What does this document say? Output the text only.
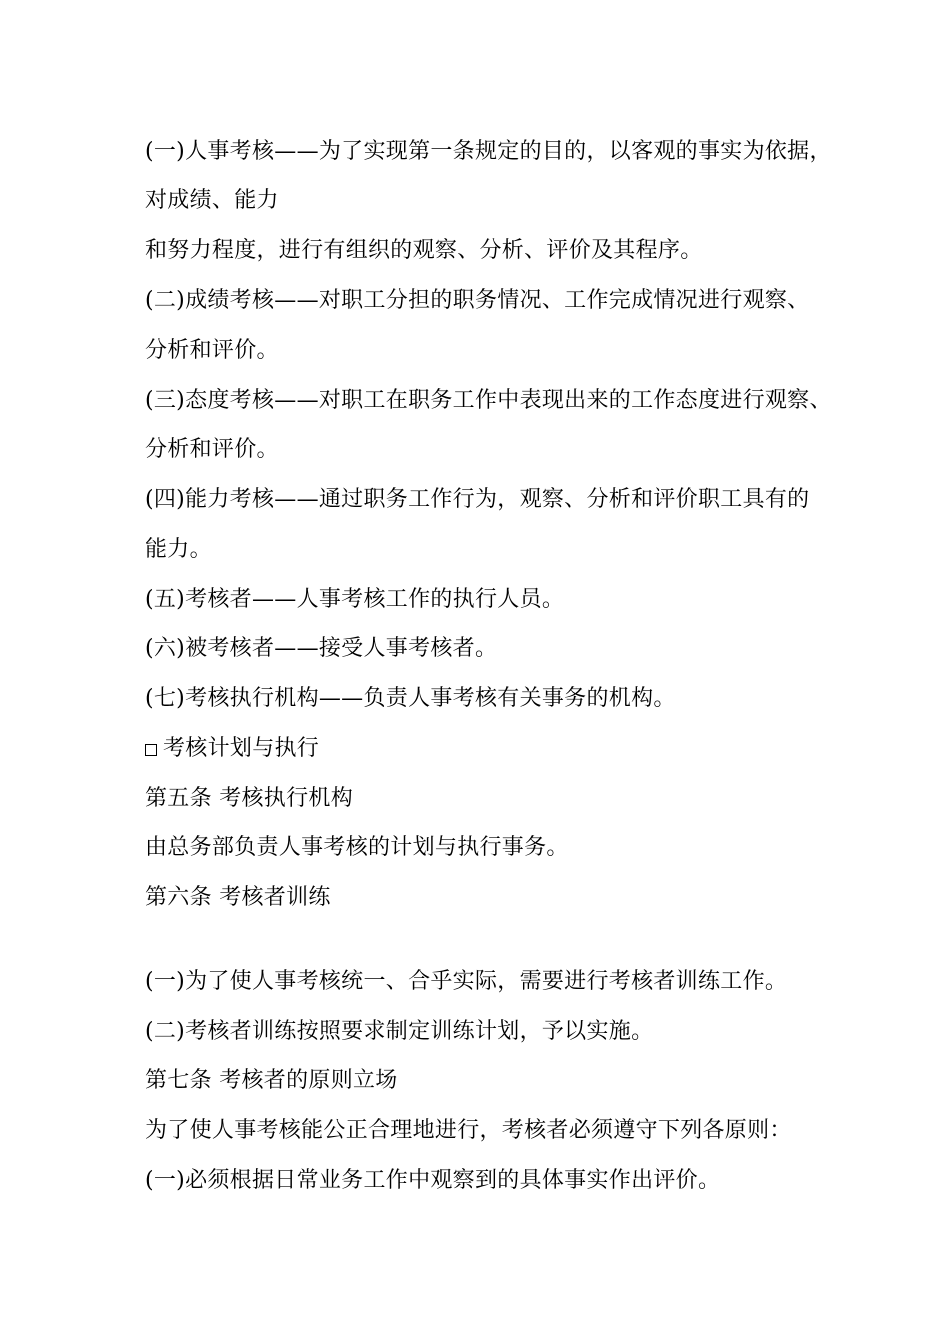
(一)人事考核——为了实现第一条规定的目的，以客观的事实为依据，
对成绩、能力
和努力程度，进行有组织的观察、分析、评价及其程序。
(二)成绩考核——对职工分担的职务情况、工作完成情况进行观察、
分析和评价。
(三)态度考核——对职工在职务工作中表现出来的工作态度进行观察、
分析和评价。
(四)能力考核——通过职务工作行为，观察、分析和评价职工具有的
能力。
(五)考核者——人事考核工作的执行人员。
(六)被考核者——接受人事考核者。
(七)考核执行机构——负责人事考核有关事务的机构。
考核计划与执行
第五条 考核执行机构
由总务部负责人事考核的计划与执行事务。
第六条 考核者训练
(一)为了使人事考核统一、合乎实际，需要进行考核者训练工作。
(二)考核者训练按照要求制定训练计划，予以实施。
第七条 考核者的原则立场
为了使人事考核能公正合理地进行，考核者必须遵守下列各原则：
(一)必须根据日常业务工作中观察到的具体事实作出评价。
